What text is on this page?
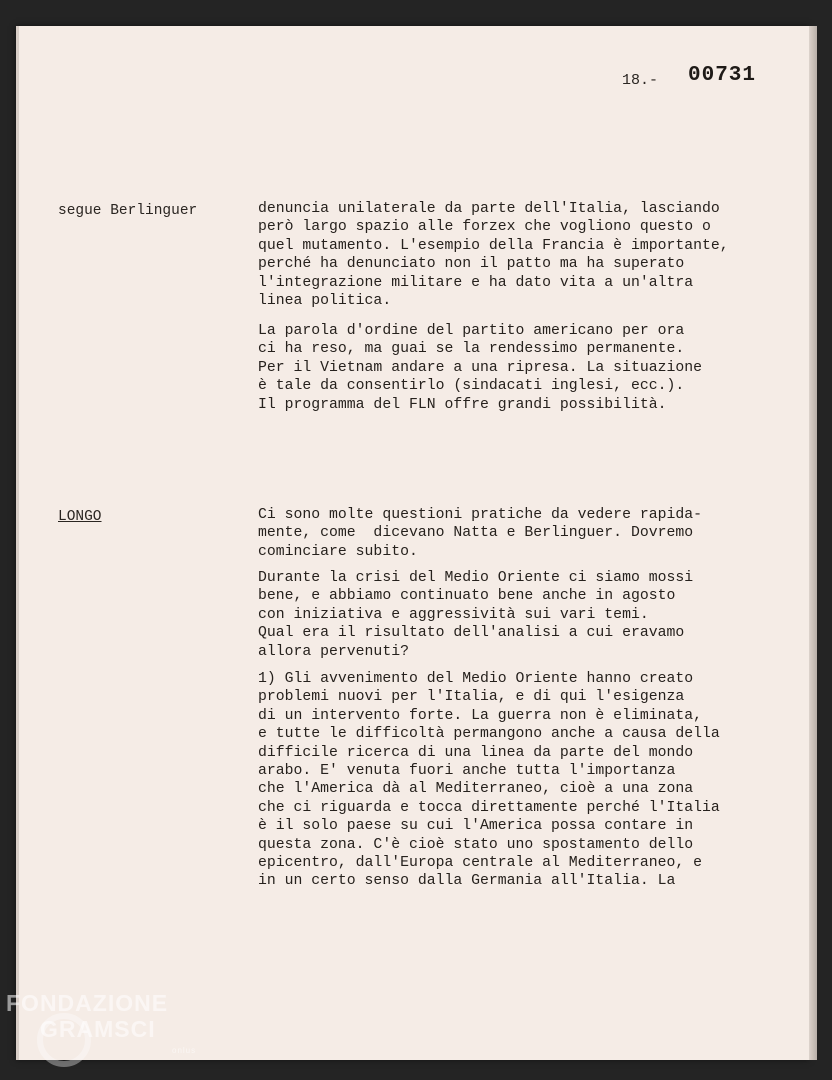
18.- 00731
segue Berlinguer	denuncia unilaterale da parte dell'Italia, lasciando
però largo spazio alle forzex che vogliono questo o
quel mutamento. L'esempio della Francia è importante,
perché ha denunciato non il patto ma ha superato
l'integrazione militare e ha dato vita a un'altra
linea politica.
La parola d'ordine del partito americano per ora
ci ha reso, ma guai se la rendessimo permanente.
Per il Vietnam andare a una ripresa. La situazione
è tale da consentirlo (sindacati inglesi, ecc.).
Il programma del FLN offre grandi possibilità.
LONGO	Ci sono molte questioni pratiche da vedere rapida-
mente, come  dicevano Natta e Berlinguer. Dovremo
cominciare subito.
Durante la crisi del Medio Oriente ci siamo mossi
bene, e abbiamo continuato bene anche in agosto
con iniziativa e aggressività sui vari temi.
Qual era il risultato dell'analisi a cui eravamo
allora pervenuti?
1) Gli avvenimento del Medio Oriente hanno creato
problemi nuovi per l'Italia, e di qui l'esigenza
di un intervento forte. La guerra non è eliminata,
e tutte le difficoltà permangono anche a causa della
difficile ricerca di una linea da parte del mondo
arabo. E' venuta fuori anche tutta l'importanza
che l'America dà al Mediterraneo, cioè a una zona
che ci riguarda e tocca direttamente perché l'Italia
è il solo paese su cui l'America possa contare in
questa zona. C'è cioè stato uno spostamento dello
epicentro, dall'Europa centrale al Mediterraneo, e
in un certo senso dalla Germania all'Italia. La
FONDAZIONE
GRAMSCI
onlus
